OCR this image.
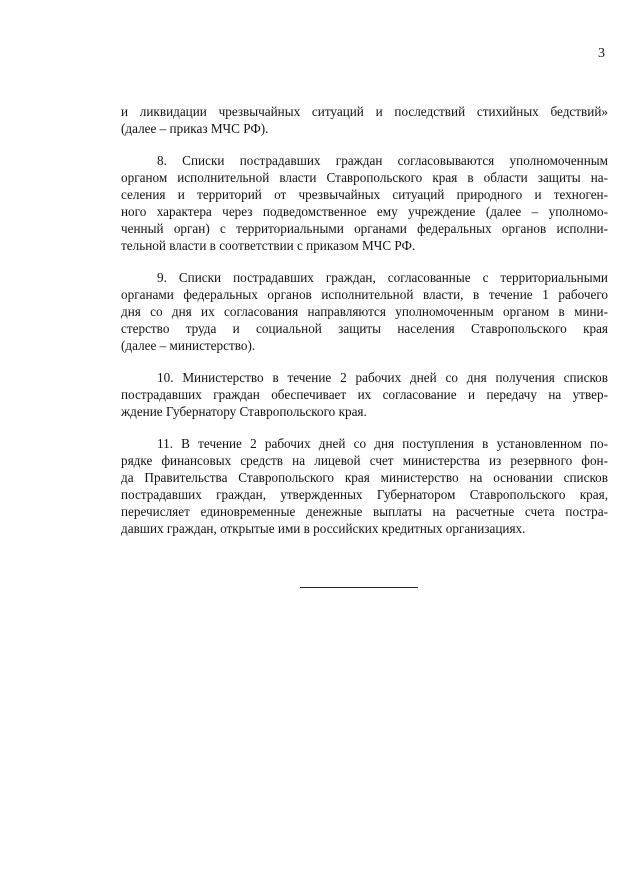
3
и ликвидации чрезвычайных ситуаций и последствий стихийных бедствий»
(далее – приказ МЧС РФ).
8. Списки пострадавших граждан согласовываются уполномоченным
органом исполнительной власти Ставропольского края в области защиты на-
селения и территорий от чрезвычайных ситуаций природного и техноген-
ного характера через подведомственное ему учреждение (далее – уполномо-
ченный орган) с территориальными органами федеральных органов исполни-
тельной власти в соответствии с приказом МЧС РФ.
9. Списки пострадавших граждан, согласованные с территориальными
органами федеральных органов исполнительной власти, в течение 1 рабочего
дня со дня их согласования направляются уполномоченным органом в мини-
стерство труда и социальной защиты населения Ставропольского края
(далее – министерство).
10. Министерство в течение 2 рабочих дней со дня получения списков
пострадавших граждан обеспечивает их согласование и передачу на утвер-
ждение Губернатору Ставропольского края.
11. В течение 2 рабочих дней со дня поступления в установленном по-
рядке финансовых средств на лицевой счет министерства из резервного фон-
да Правительства Ставропольского края министерство на основании списков
пострадавших граждан, утвержденных Губернатором Ставропольского края,
перечисляет единовременные денежные выплаты на расчетные счета постра-
давших граждан, открытые ими в российских кредитных организациях.
